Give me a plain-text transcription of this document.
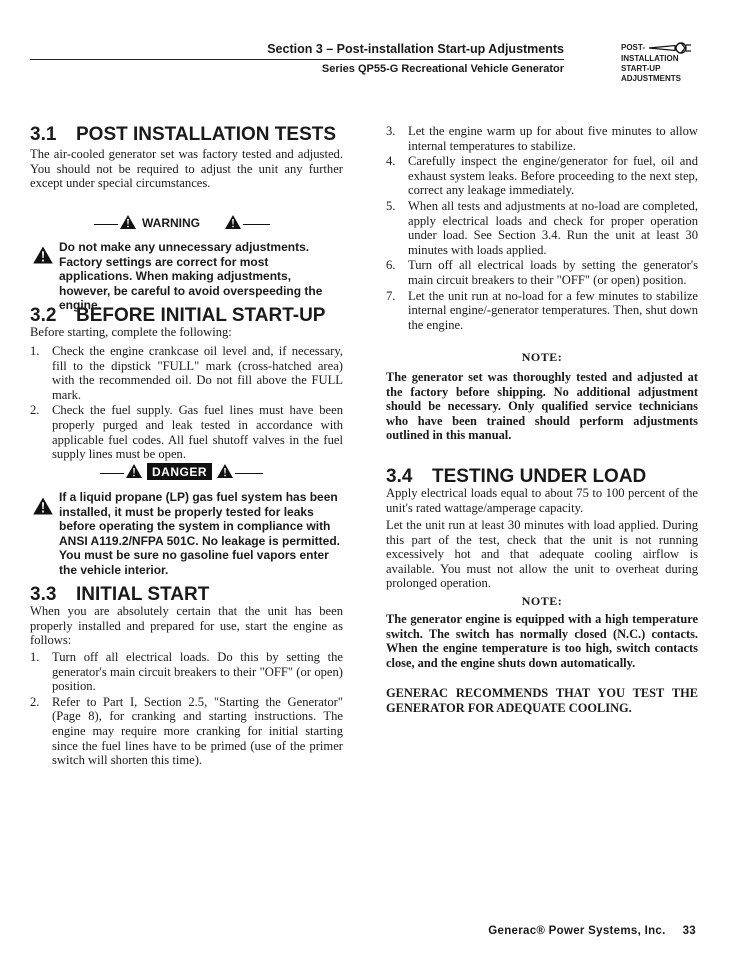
Section 3 – Post-installation Start-up Adjustments
Series QP55-G Recreational Vehicle Generator
POST-
INSTALLATION
START-UP
ADJUSTMENTS
3.1 POST INSTALLATION TESTS
The air-cooled generator set was factory tested and adjusted. You should not be required to adjust the unit any further except under special circumstances.
WARNING
Do not make any unnecessary adjustments. Factory settings are correct for most applications. When making adjustments, however, be careful to avoid overspeeding the engine.
3.2 BEFORE INITIAL START-UP
Before starting, complete the following:
1. Check the engine crankcase oil level and, if necessary, fill to the dipstick "FULL" mark (cross-hatched area) with the recommended oil. Do not fill above the FULL mark.
2. Check the fuel supply. Gas fuel lines must have been properly purged and leak tested in accordance with applicable fuel codes. All fuel shutoff valves in the fuel supply lines must be open.
DANGER
If a liquid propane (LP) gas fuel system has been installed, it must be properly tested for leaks before operating the system in compliance with ANSI A119.2/NFPA 501C. No leakage is permitted. You must be sure no gasoline fuel vapors enter the vehicle interior.
3.3 INITIAL START
When you are absolutely certain that the unit has been properly installed and prepared for use, start the engine as follows:
1. Turn off all electrical loads. Do this by setting the generator's main circuit breakers to their "OFF" (or open) position.
2. Refer to Part I, Section 2.5, "Starting the Generator" (Page 8), for cranking and starting instructions. The engine may require more cranking for initial starting since the fuel lines have to be primed (use of the primer switch will shorten this time).
3. Let the engine warm up for about five minutes to allow internal temperatures to stabilize.
4. Carefully inspect the engine/generator for fuel, oil and exhaust system leaks. Before proceeding to the next step, correct any leakage immediately.
5. When all tests and adjustments at no-load are completed, apply electrical loads and check for proper operation under load. See Section 3.4. Run the unit at least 30 minutes with loads applied.
6. Turn off all electrical loads by setting the generator's main circuit breakers to their "OFF" (or open) position.
7. Let the unit run at no-load for a few minutes to stabilize internal engine/-generator temperatures. Then, shut down the engine.
NOTE:
The generator set was thoroughly tested and adjusted at the factory before shipping. No additional adjustment should be necessary. Only qualified service technicians who have been trained should perform adjustments outlined in this manual.
3.4 TESTING UNDER LOAD
Apply electrical loads equal to about 75 to 100 percent of the unit's rated wattage/amperage capacity.
Let the unit run at least 30 minutes with load applied. During this part of the test, check that the unit is not running excessively hot and that adequate cooling airflow is available. You must not allow the unit to overheat during prolonged operation.
NOTE:
The generator engine is equipped with a high temperature switch. The switch has normally closed (N.C.) contacts. When the engine temperature is too high, switch contacts close, and the engine shuts down automatically.
GENERAC RECOMMENDS THAT YOU TEST THE GENERATOR FOR ADEQUATE COOLING.
Generac® Power Systems, Inc. 33
